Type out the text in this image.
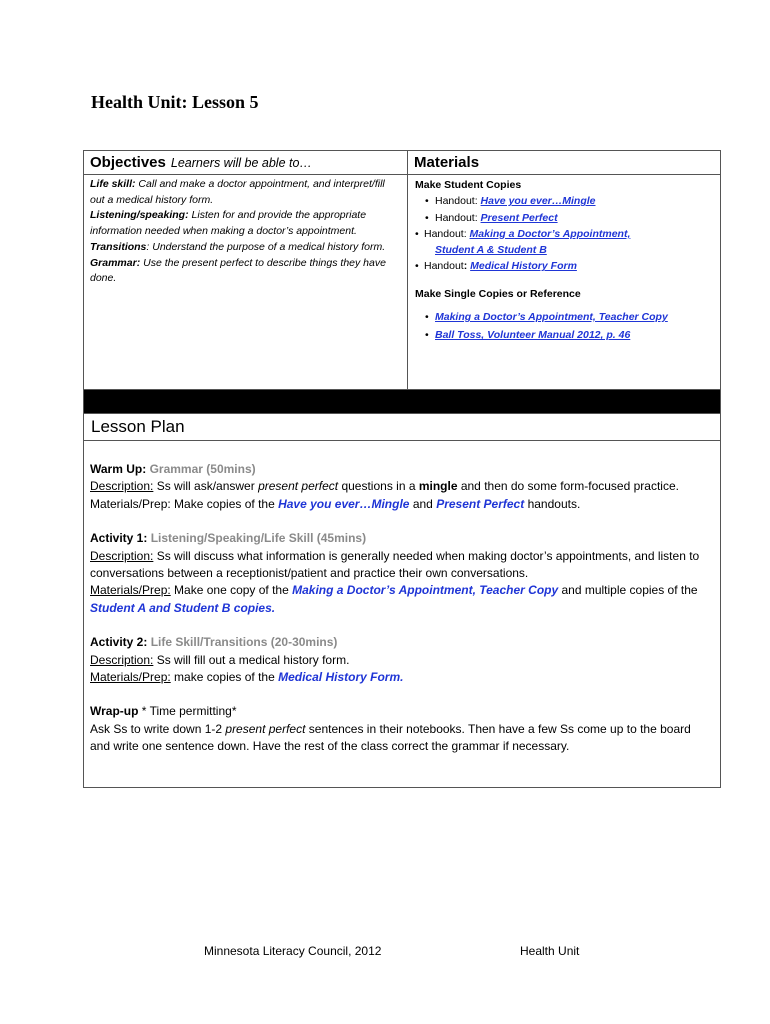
Health Unit: Lesson 5
Objectives Learners will be able to…
Life skill: Call and make a doctor appointment, and interpret/fill out a medical history form.
Listening/speaking: Listen for and provide the appropriate information needed when making a doctor’s appointment.
Transitions: Understand the purpose of a medical history form.
Grammar: Use the present perfect to describe things they have done.
Materials
Make Student Copies
• Handout: Have you ever…Mingle
• Handout: Present Perfect
• Handout: Making a Doctor’s Appointment,
Student A & Student B
• Handout: Medical History Form
Make Single Copies or Reference
• Making a Doctor’s Appointment, Teacher Copy
• Ball Toss, Volunteer Manual 2012, p. 46
Lesson Plan
Warm Up: Grammar (50mins)
Description: Ss will ask/answer present perfect questions in a mingle and then do some form-focused practice. Materials/Prep: Make copies of the Have you ever…Mingle and Present Perfect handouts.
Activity 1: Listening/Speaking/Life Skill (45mins)
Description: Ss will discuss what information is generally needed when making doctor’s appointments, and listen to conversations between a receptionist/patient and practice their own conversations.
Materials/Prep: Make one copy of the Making a Doctor’s Appointment, Teacher Copy and multiple copies of the Student A and Student B copies.
Activity 2: Life Skill/Transitions (20-30mins)
Description: Ss will fill out a medical history form.
Materials/Prep: make copies of the Medical History Form.
Wrap-up * Time permitting*
Ask Ss to write down 1-2 present perfect sentences in their notebooks. Then have a few Ss come up to the board and write one sentence down. Have the rest of the class correct the grammar if necessary.
Minnesota Literacy Council, 2012	Health Unit
